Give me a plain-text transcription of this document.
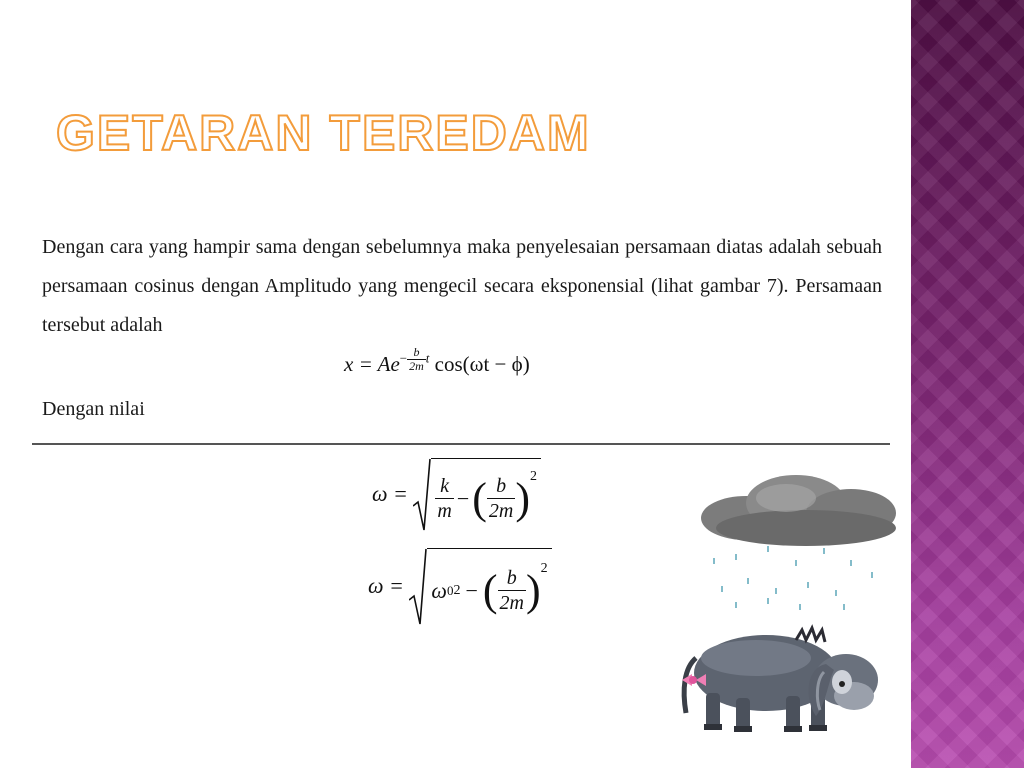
GETARAN TEREDAM
Dengan cara yang hampir sama dengan sebelumnya maka penyelesaian persamaan diatas adalah sebuah persamaan cosinus dengan Amplitudo yang mengecil secara eksponensial (lihat gambar 7). Persamaan tersebut adalah
$x = Ae- \frac{b}{2m}$ t cos(ωt − ϕ)
Dengan nilai
$\omega = \frac{k}{m}$ − ( $\frac{b}{2m} )^2$
ω = ω 0 2 − ( $\frac{b}{2m} )^2$
